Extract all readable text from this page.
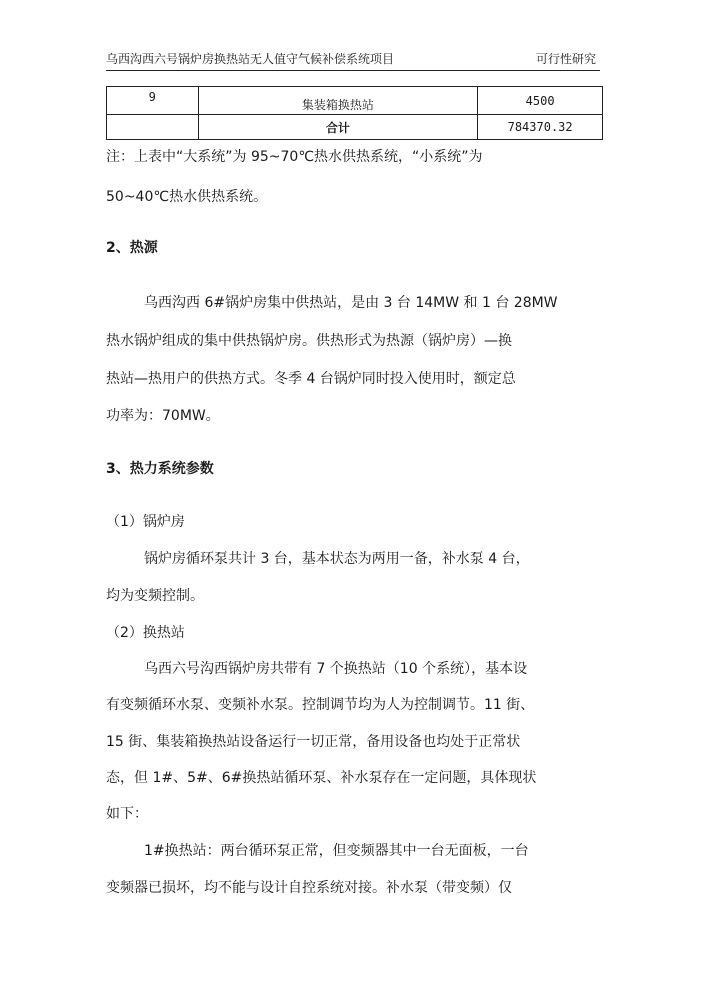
乌西沟西六号锅炉房换热站无人值守气候补偿系统项目	可行性研究
9	集装箱换热站	4500
	合计	784370.32
注：上表中“大系统”为 95~70℃热水供热系统，“小系统”为
50~40℃热水供热系统。
2、热源
乌西沟西 6#锅炉房集中供热站，是由 3 台 14MW 和 1 台 28MW
热水锅炉组成的集中供热锅炉房。供热形式为热源（锅炉房）—换
热站—热用户的供热方式。冬季 4 台锅炉同时投入使用时，额定总
功率为：70MW。
3、热力系统参数
（1）锅炉房
锅炉房循环泵共计 3 台，基本状态为两用一备，补水泵 4 台，
均为变频控制。
（2）换热站
乌西六号沟西锅炉房共带有 7 个换热站（10 个系统），基本设
有变频循环水泵、变频补水泵。控制调节均为人为控制调节。11 街、
15 街、集装箱换热站设备运行一切正常，备用设备也均处于正常状
态，但 1#、5#、6#换热站循环泵、补水泵存在一定问题，具体现状
如下：
1#换热站：两台循环泵正常，但变频器其中一台无面板，一台
变频器已损坏，均不能与设计自控系统对接。补水泵（带变频）仅
